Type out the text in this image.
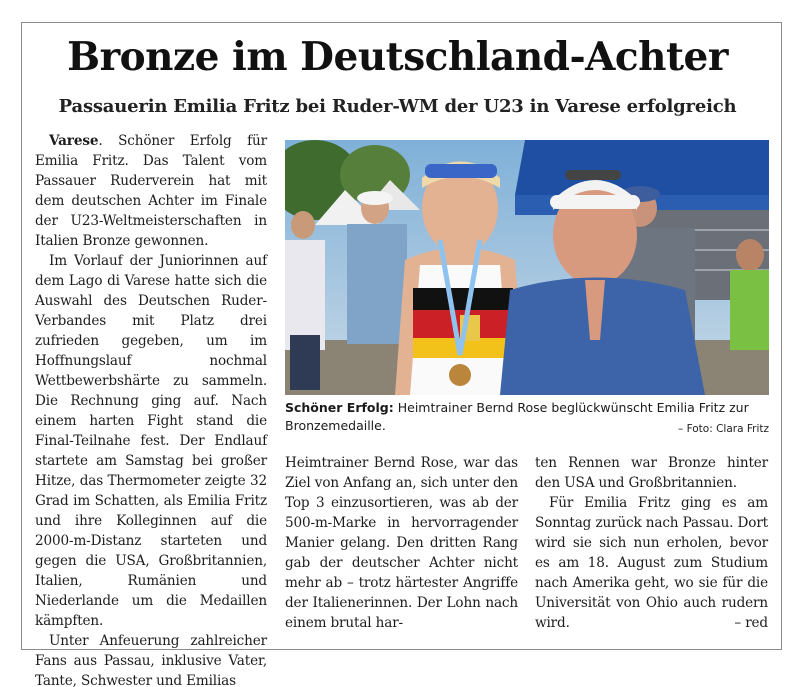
Bronze im Deutschland-Achter
Passauerin Emilia Fritz bei Ruder-WM der U23 in Varese erfolgreich

Varese. Schöner Erfolg für Emilia Fritz. Das Talent vom Passauer Ruderverein hat mit dem deutschen Achter im Finale der U23-Weltmeisterschaften in Italien Bronze gewonnen.

Im Vorlauf der Juniorinnen auf dem Lago di Varese hatte sich die Auswahl des Deutschen Ruder-Verbandes mit Platz drei zufrieden gegeben, um im Hoffnungslauf nochmal Wettbewerbshärte zu sammeln. Die Rechnung ging auf. Nach einem harten Fight stand die Final-Teilnahe fest. Der Endlauf startete am Samstag bei großer Hitze, das Thermometer zeigte 32 Grad im Schatten, als Emilia Fritz und ihre Kolleginnen auf die 2000-m-Distanz starteten und gegen die USA, Großbritannien, Italien, Rumänien und Niederlande um die Medaillen kämpften.

Unter Anfeuerung zahlreicher Fans aus Passau, inklusive Vater, Tante, Schwester und Emilias

Schöner Erfolg: Heimtrainer Bernd Rose beglückwünscht Emilia Fritz zur Bronzemedaille.	– Foto: Clara Fritz

Heimtrainer Bernd Rose, war das Ziel von Anfang an, sich unter den Top 3 einzusortieren, was ab der 500-m-Marke in hervorragender Manier gelang. Den dritten Rang gab der deutscher Achter nicht mehr ab – trotz härtester Angriffe der Italienerinnen. Der Lohn nach einem brutal har-

ten Rennen war Bronze hinter den USA und Großbritannien.

Für Emilia Fritz ging es am Sonntag zurück nach Passau. Dort wird sie sich nun erholen, bevor es am 18. August zum Studium nach Amerika geht, wo sie für die Universität von Ohio auch rudern wird.	– red
